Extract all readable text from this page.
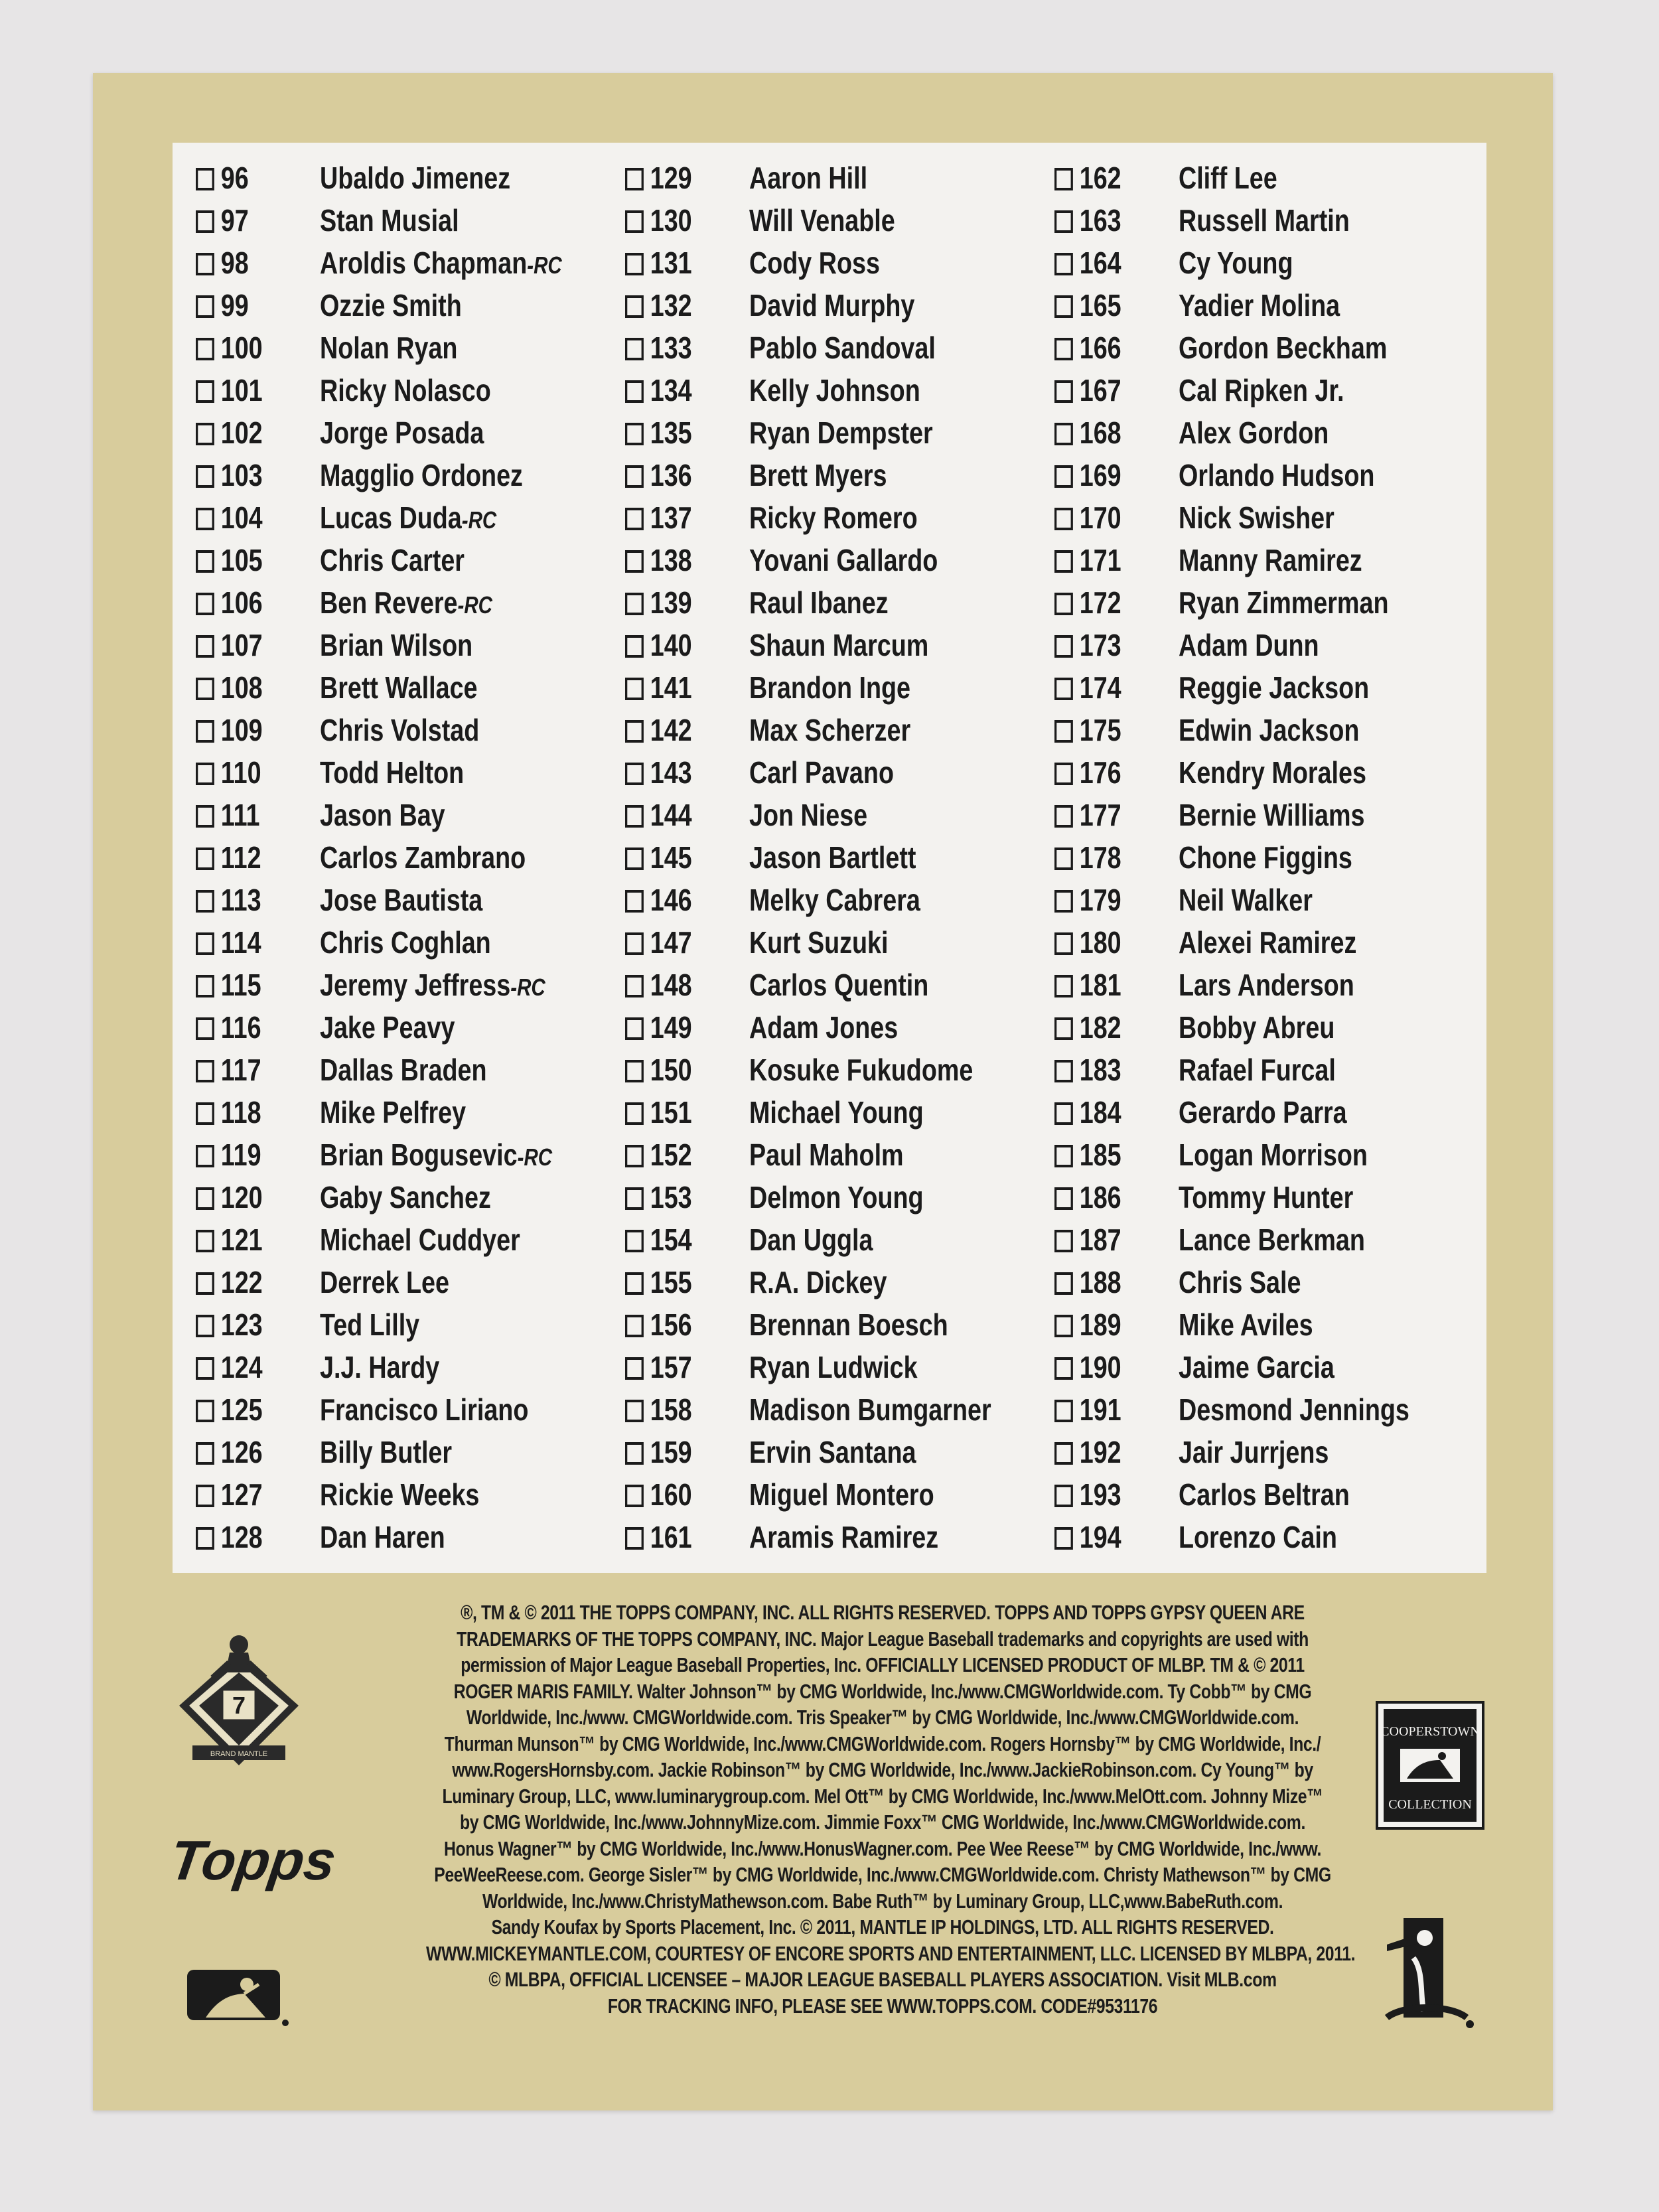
96 Ubaldo Jimenez
97 Stan Musial
98 Aroldis Chapman-RC
99 Ozzie Smith
100 Nolan Ryan
101 Ricky Nolasco
102 Jorge Posada
103 Magglio Ordonez
104 Lucas Duda-RC
105 Chris Carter
106 Ben Revere-RC
107 Brian Wilson
108 Brett Wallace
109 Chris Volstad
110 Todd Helton
111 Jason Bay
112 Carlos Zambrano
113 Jose Bautista
114 Chris Coghlan
115 Jeremy Jeffress-RC
116 Jake Peavy
117 Dallas Braden
118 Mike Pelfrey
119 Brian Bogusevic-RC
120 Gaby Sanchez
121 Michael Cuddyer
122 Derrek Lee
123 Ted Lilly
124 J.J. Hardy
125 Francisco Liriano
126 Billy Butler
127 Rickie Weeks
128 Dan Haren
129 Aaron Hill
130 Will Venable
131 Cody Ross
132 David Murphy
133 Pablo Sandoval
134 Kelly Johnson
135 Ryan Dempster
136 Brett Myers
137 Ricky Romero
138 Yovani Gallardo
139 Raul Ibanez
140 Shaun Marcum
141 Brandon Inge
142 Max Scherzer
143 Carl Pavano
144 Jon Niese
145 Jason Bartlett
146 Melky Cabrera
147 Kurt Suzuki
148 Carlos Quentin
149 Adam Jones
150 Kosuke Fukudome
151 Michael Young
152 Paul Maholm
153 Delmon Young
154 Dan Uggla
155 R.A. Dickey
156 Brennan Boesch
157 Ryan Ludwick
158 Madison Bumgarner
159 Ervin Santana
160 Miguel Montero
161 Aramis Ramirez
162 Cliff Lee
163 Russell Martin
164 Cy Young
165 Yadier Molina
166 Gordon Beckham
167 Cal Ripken Jr.
168 Alex Gordon
169 Orlando Hudson
170 Nick Swisher
171 Manny Ramirez
172 Ryan Zimmerman
173 Adam Dunn
174 Reggie Jackson
175 Edwin Jackson
176 Kendry Morales
177 Bernie Williams
178 Chone Figgins
179 Neil Walker
180 Alexei Ramirez
181 Lars Anderson
182 Bobby Abreu
183 Rafael Furcal
184 Gerardo Parra
185 Logan Morrison
186 Tommy Hunter
187 Lance Berkman
188 Chris Sale
189 Mike Aviles
190 Jaime Garcia
191 Desmond Jennings
192 Jair Jurrjens
193 Carlos Beltran
194 Lorenzo Cain
7
BRAND MANTLE
Topps

®, TM & © 2011 THE TOPPS COMPANY, INC. ALL RIGHTS RESERVED. TOPPS AND TOPPS GYPSY QUEEN ARE

TRADEMARKS OF THE TOPPS COMPANY, INC. Major League Baseball trademarks and copyrights are used with

permission of Major League Baseball Properties, Inc. OFFICIALLY LICENSED PRODUCT OF MLBP. TM & © 2011

ROGER MARIS FAMILY. Walter Johnson™ by CMG Worldwide, Inc./www.CMGWorldwide.com. Ty Cobb™ by CMG

Worldwide, Inc./www. CMGWorldwide.com. Tris Speaker™ by CMG Worldwide, Inc./www.CMGWorldwide.com.

Thurman Munson™ by CMG Worldwide, Inc./www.CMGWorldwide.com. Rogers Hornsby™ by CMG Worldwide, Inc./

www.RogersHornsby.com. Jackie Robinson™ by CMG Worldwide, Inc./www.JackieRobinson.com. Cy Young™ by

Luminary Group, LLC, www.luminarygroup.com. Mel Ott™ by CMG Worldwide, Inc./www.MelOtt.com. Johnny Mize™

by CMG Worldwide, Inc./www.JohnnyMize.com. Jimmie Foxx™ CMG Worldwide, Inc./www.CMGWorldwide.com.

Honus Wagner™ by CMG Worldwide, Inc./www.HonusWagner.com. Pee Wee Reese™ by CMG Worldwide, Inc./www.

PeeWeeReese.com. George Sisler™ by CMG Worldwide, Inc./www.CMGWorldwide.com. Christy Mathewson™ by CMG

Worldwide, Inc./www.ChristyMathewson.com. Babe Ruth™ by Luminary Group, LLC,www.BabeRuth.com.

Sandy Koufax by Sports Placement, Inc. © 2011, MANTLE IP HOLDINGS, LTD. ALL RIGHTS RESERVED.

WWW.MICKEYMANTLE.COM, COURTESY OF ENCORE SPORTS AND ENTERTAINMENT, LLC. LICENSED BY MLBPA, 2011.

© MLBPA, OFFICIAL LICENSEE – MAJOR LEAGUE BASEBALL PLAYERS ASSOCIATION. Visit MLB.com

FOR TRACKING INFO, PLEASE SEE WWW.TOPPS.COM. CODE#9531176

COOPERSTOWN
COLLECTION
